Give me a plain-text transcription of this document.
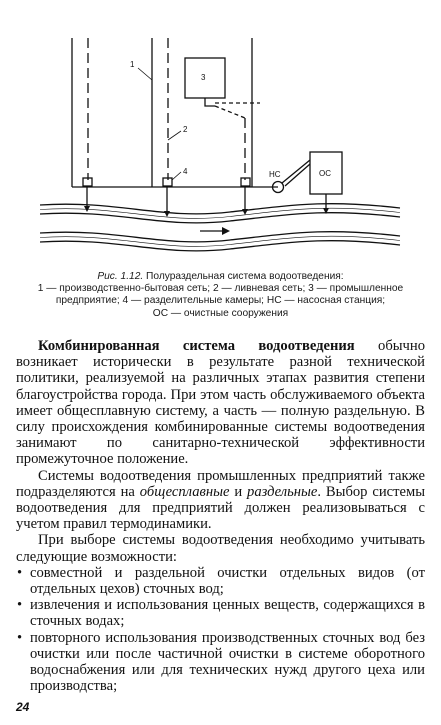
1
2
3
4	НС	ОС
Рис. 1.12. Полураздельная система водоотведения:
1 — производственно-бытовая сеть; 2 — ливневая сеть; 3 — промышленное
предприятие; 4 — разделительные камеры; НС — насосная станция;
ОС — очистные сооружения

Комбинированная система водоотведения обычно возникает исторически в результате разной технической политики, реализуемой на различных этапах развития степени благоустройства города. При этом часть обслуживаемого объекта имеет общесплавную систему, а часть — полную раздельную. В силу происхождения комбинированные системы водоотведения занимают по санитарно-технической эффективности промежуточное положение.

Системы водоотведения промышленных предприятий также подразделяются на общесплавные и раздельные. Выбор системы водоотведения для предприятий должен реализовываться с учетом правил термодинамики.

При выборе системы водоотведения необходимо учитывать следующие возможности:

• совместной и раздельной очистки отдельных видов (от отдельных цехов) сточных вод;
• извлечения и использования ценных веществ, содержащихся в сточных водах;
• повторного использования производственных сточных вод без очистки или после частичной очистки в системе оборотного водоснабжения или для технических нужд другого цеха или производства;
24
